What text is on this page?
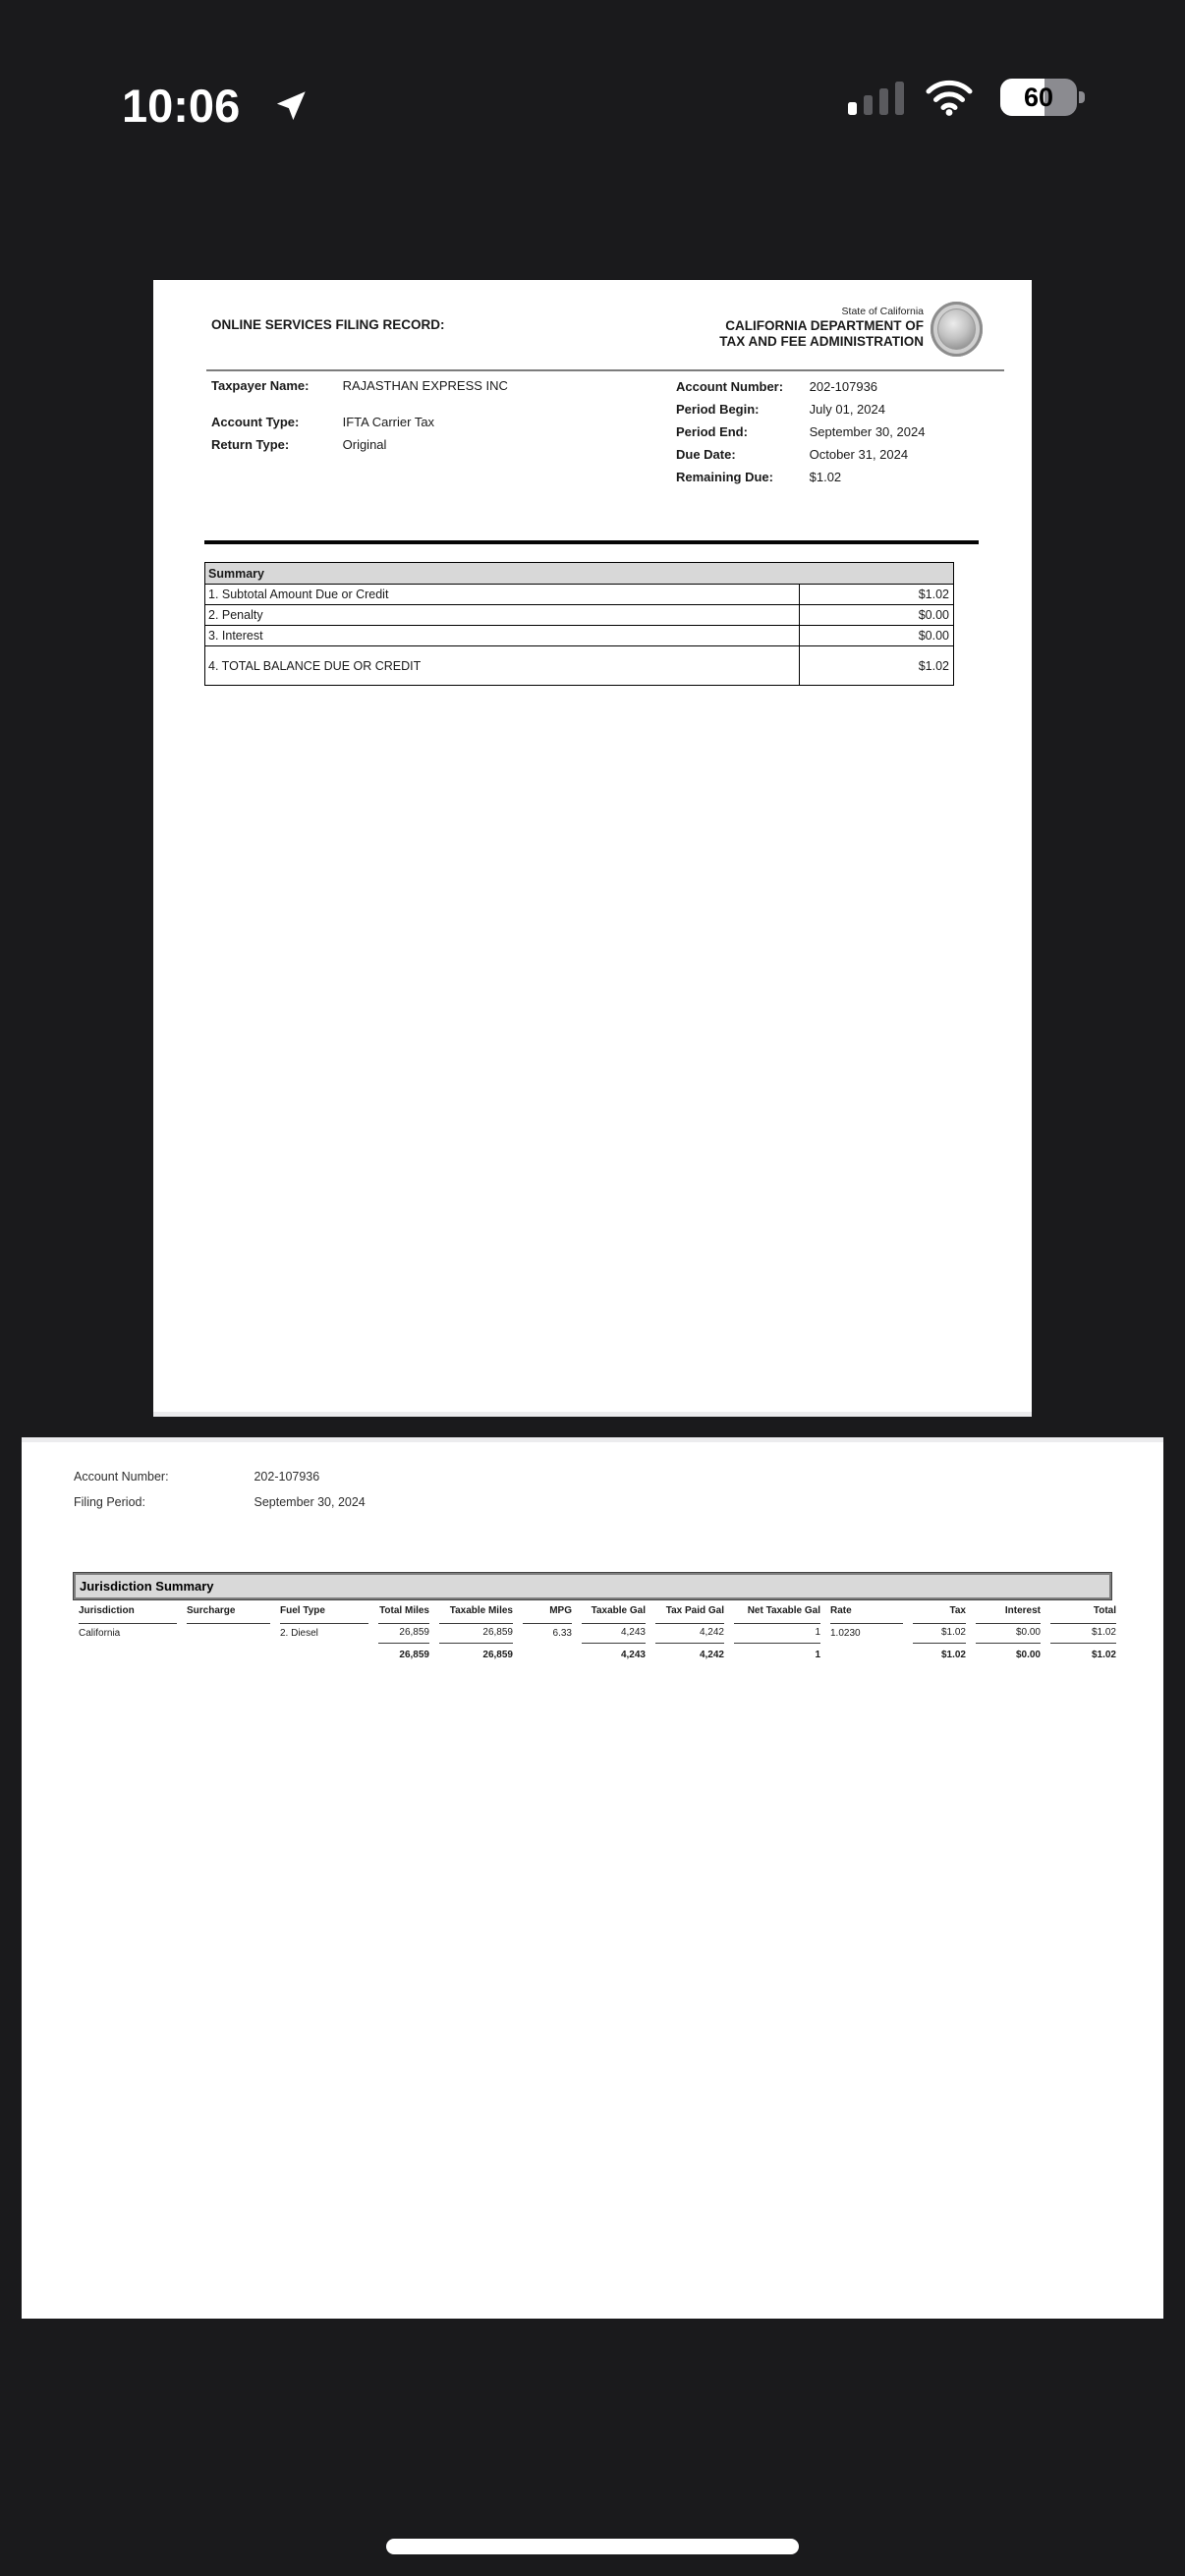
10:06	60
ONLINE SERVICES FILING RECORD:
State of California
CALIFORNIA DEPARTMENT OF
TAX AND FEE ADMINISTRATION
Taxpayer Name:	RAJASTHAN EXPRESS INC
Account Type:	IFTA Carrier Tax
Return Type:	Original
Account Number: 202-107936
Period Begin:	July 01, 2024
Period End:	September 30, 2024
Due Date:	October 31, 2024
Remaining Due:	$1.02
Summary	
1. Subtotal Amount Due or Credit	$1.02
2. Penalty	$0.00
3. Interest	$0.00
4. TOTAL BALANCE DUE OR CREDIT	$1.02
Account Number:	202-107936
Filing Period:	September 30, 2024
Jurisdiction Summary
Jurisdiction	Surcharge	Fuel Type	Total Miles	Taxable Miles	MPG	Taxable Gal	Tax Paid Gal	Net Taxable Gal	Rate	Tax	Interest	Total
California		2. Diesel	26,859	26,859	6.33	4,243	4,242	1	1.0230	$1.02	$0.00	$1.02
			26,859	26,859		4,243	4,242	1		$1.02	$0.00	$1.02
